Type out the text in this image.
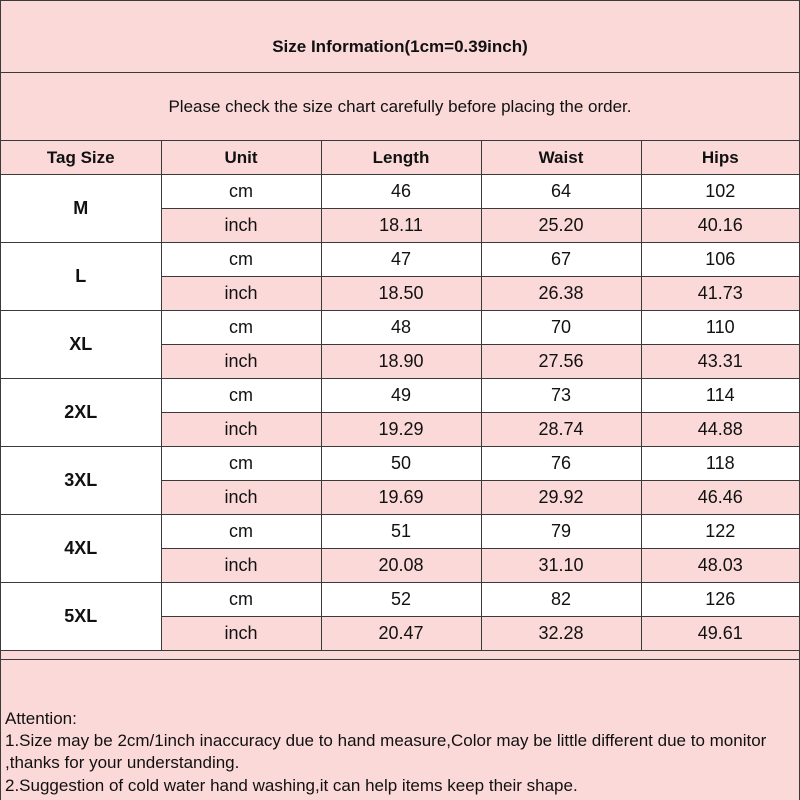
Size Information(1cm=0.39inch)
Please check the size chart carefully before placing the order.
Tag Size	Unit	Length	Waist	Hips
M	cm	46	64	102
	inch	18.11	25.20	40.16
L	cm	47	67	106
	inch	18.50	26.38	41.73
XL	cm	48	70	110
	inch	18.90	27.56	43.31
2XL	cm	49	73	114
	inch	19.29	28.74	44.88
3XL	cm	50	76	118
	inch	19.69	29.92	46.46
4XL	cm	51	79	122
	inch	20.08	31.10	48.03
5XL	cm	52	82	126
	inch	20.47	32.28	49.61

Attention:

1.Size may be 2cm/1inch inaccuracy due to hand measure,Color may be little different due to monitor ,thanks for your understanding.

2.Suggestion of cold water hand washing,it can help items keep their shape.
